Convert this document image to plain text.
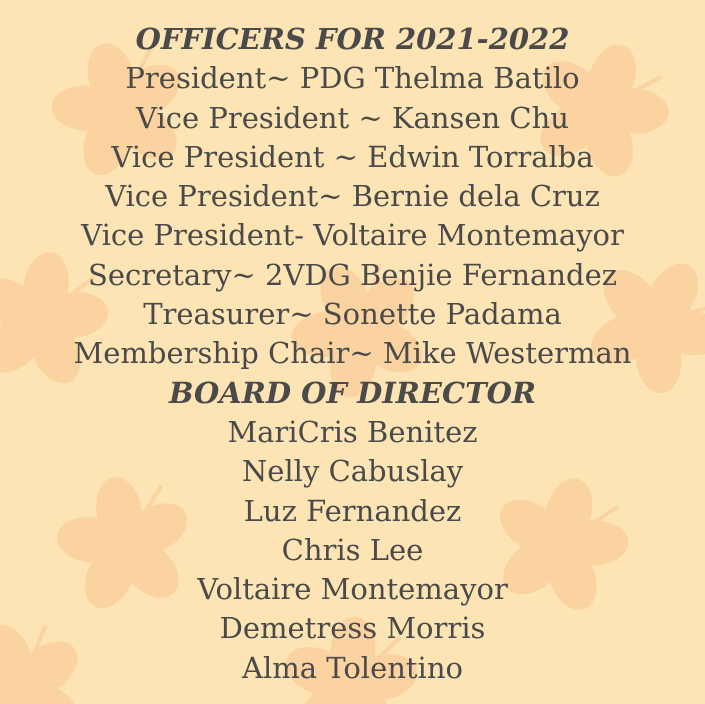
OFFICERS FOR 2021-2022
President~ PDG Thelma Batilo
Vice President ~ Kansen Chu
Vice President ~ Edwin Torralba
Vice President~ Bernie dela Cruz
Vice President- Voltaire Montemayor
Secretary~ 2VDG Benjie Fernandez
Treasurer~ Sonette Padama
Membership Chair~ Mike Westerman
BOARD OF DIRECTOR
MariCris Benitez
Nelly Cabuslay
Luz Fernandez
Chris Lee
Voltaire Montemayor
Demetress Morris
Alma Tolentino
